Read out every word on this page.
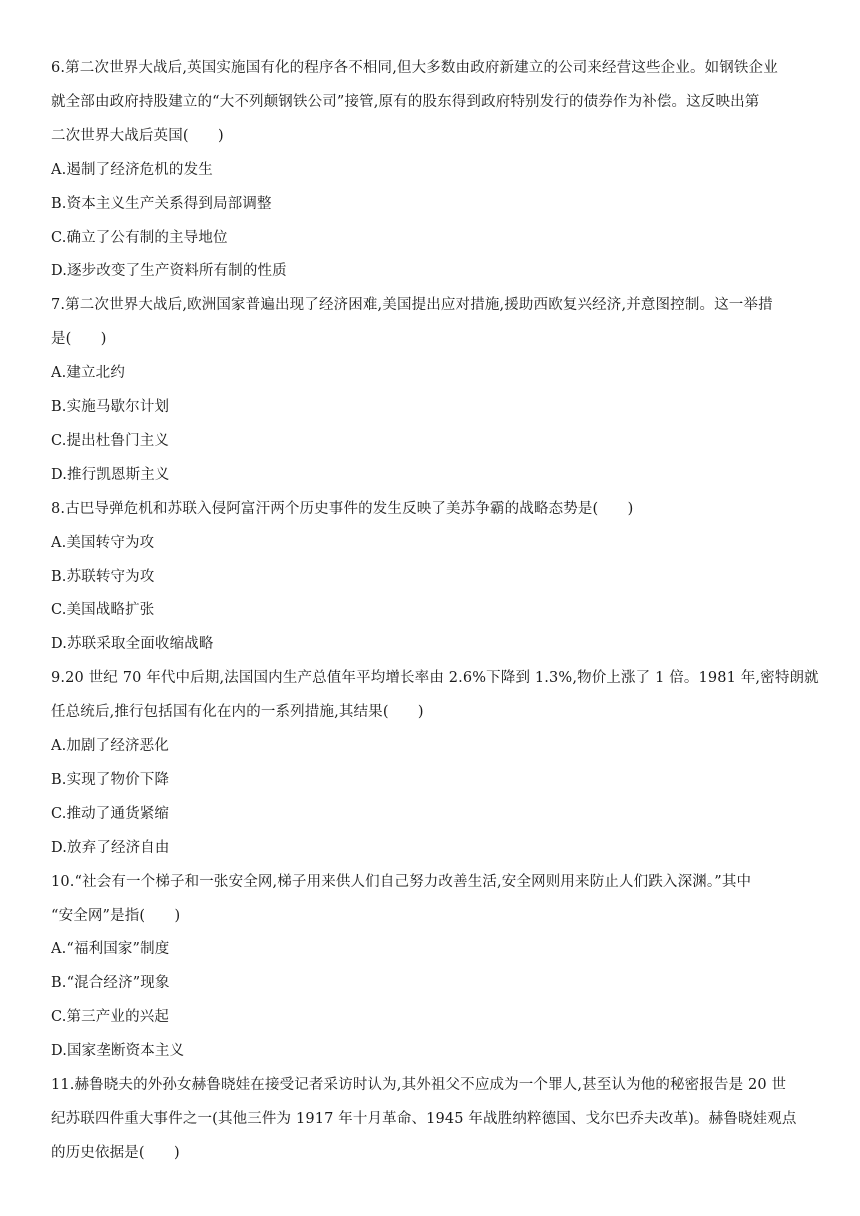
6.第二次世界大战后,英国实施国有化的程序各不相同,但大多数由政府新建立的公司来经营这些企业。如钢铁企业
就全部由政府持股建立的“大不列颠钢铁公司”接管,原有的股东得到政府特别发行的债券作为补偿。这反映出第
二次世界大战后英国(　　)
A.遏制了经济危机的发生
B.资本主义生产关系得到局部调整
C.确立了公有制的主导地位
D.逐步改变了生产资料所有制的性质
7.第二次世界大战后,欧洲国家普遍出现了经济困难,美国提出应对措施,援助西欧复兴经济,并意图控制。这一举措
是(　　)
A.建立北约
B.实施马歇尔计划
C.提出杜鲁门主义
D.推行凯恩斯主义
8.古巴导弹危机和苏联入侵阿富汗两个历史事件的发生反映了美苏争霸的战略态势是(　　)
A.美国转守为攻
B.苏联转守为攻
C.美国战略扩张
D.苏联采取全面收缩战略
9.20 世纪 70 年代中后期,法国国内生产总值年平均增长率由 2.6%下降到 1.3%,物价上涨了 1 倍。1981 年,密特朗就
任总统后,推行包括国有化在内的一系列措施,其结果(　　)
A.加剧了经济恶化
B.实现了物价下降
C.推动了通货紧缩
D.放弃了经济自由
10.“社会有一个梯子和一张安全网,梯子用来供人们自己努力改善生活,安全网则用来防止人们跌入深渊。”其中
“安全网”是指(　　)
A.“福利国家”制度
B.“混合经济”现象
C.第三产业的兴起
D.国家垄断资本主义
11.赫鲁晓夫的外孙女赫鲁晓娃在接受记者采访时认为,其外祖父不应成为一个罪人,甚至认为他的秘密报告是 20 世
纪苏联四件重大事件之一(其他三件为 1917 年十月革命、1945 年战胜纳粹德国、戈尔巴乔夫改革)。赫鲁晓娃观点
的历史依据是(　　)
